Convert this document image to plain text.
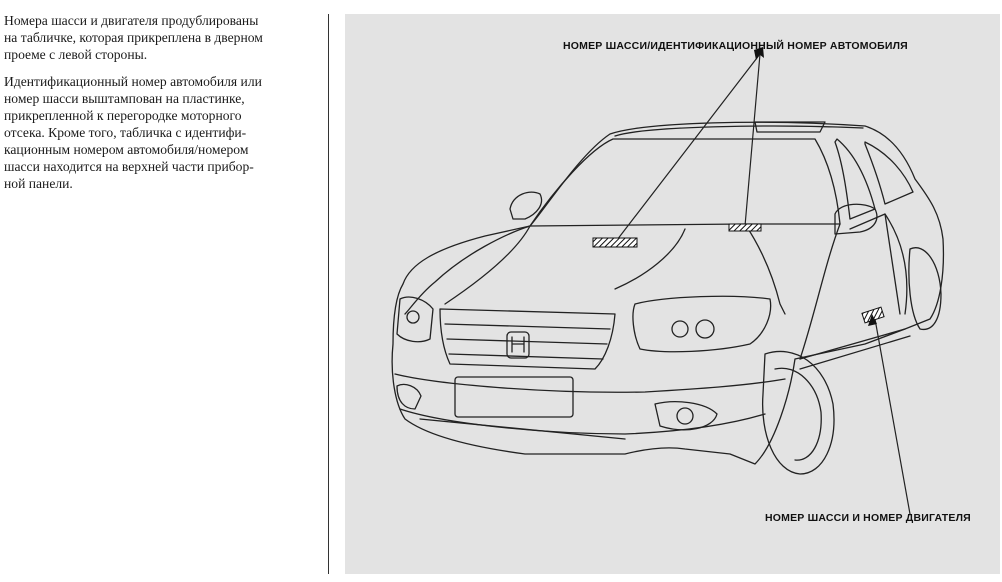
Номера шасси и двигателя продублированы
на табличке, которая прикреплена в дверном
проеме с левой стороны.

Идентификационный номер автомобиля или
номер шасси выштампован на пластинке,
прикрепленной к перегородке моторного
отсека. Кроме того, табличка с идентифи-
кационным номером автомобиля/номером
шасси находится на верхней части прибор-
ной панели.

НОМЕР ШАССИ/ИДЕНТИФИКАЦИОННЫЙ НОМЕР АВТОМОБИЛЯ
НОМЕР ШАССИ И НОМЕР ДВИГАТЕЛЯ
